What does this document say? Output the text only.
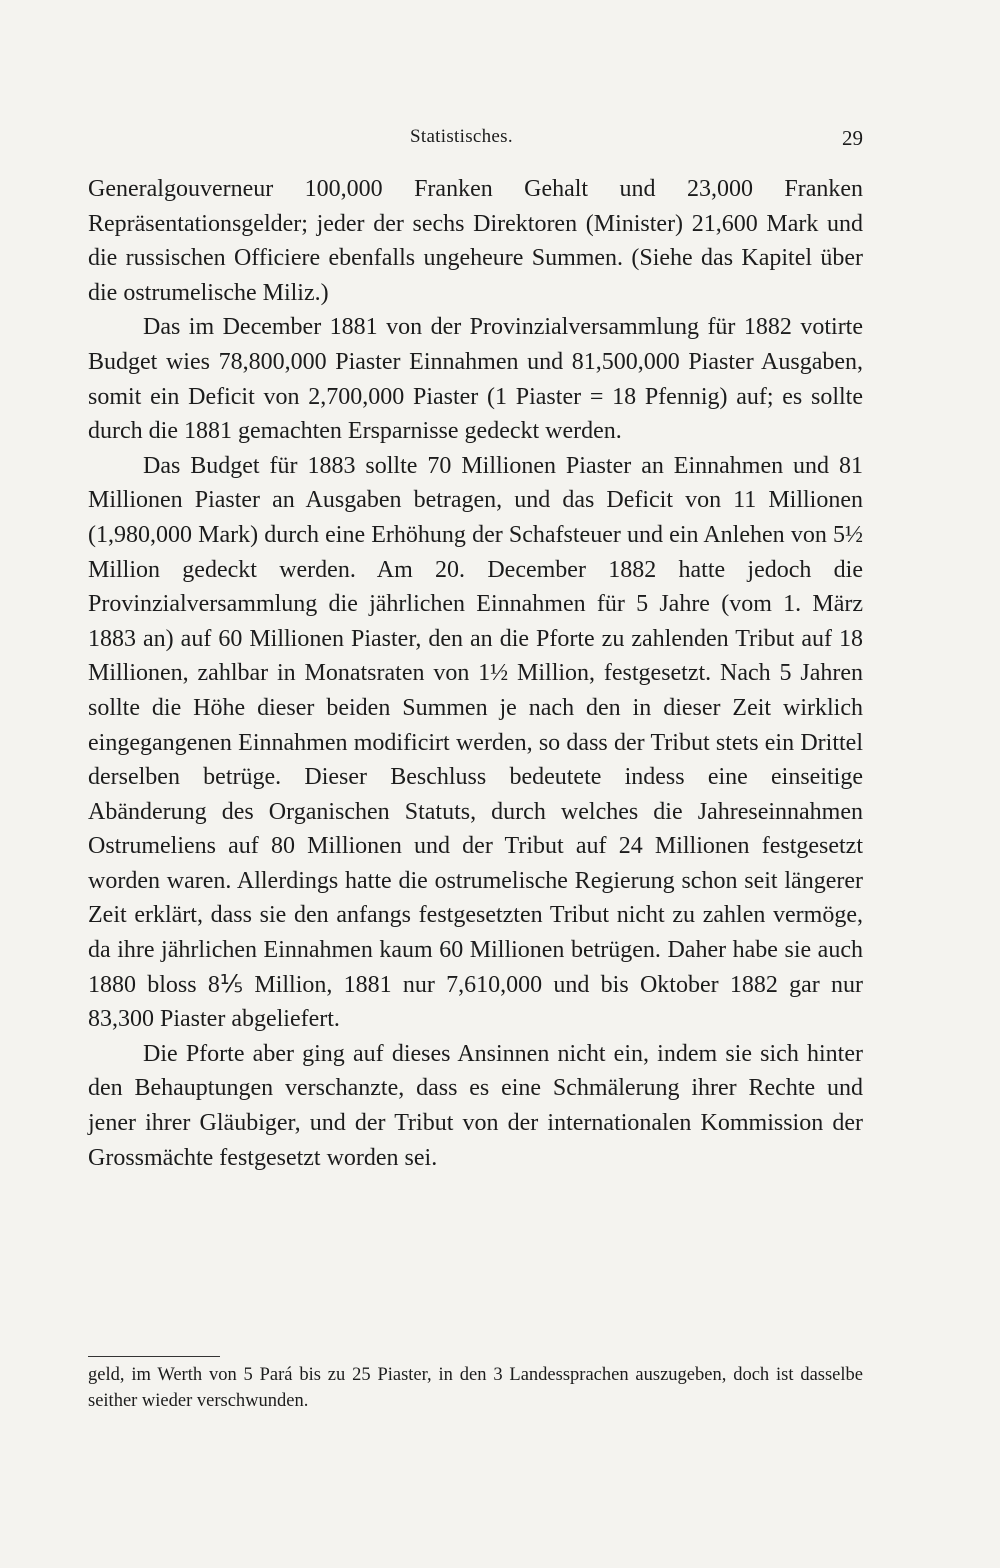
Statistisches.	29

Generalgouverneur 100,000 Franken Gehalt und 23,000 Franken Repräsentationsgelder; jeder der sechs Direktoren (Minister) 21,600 Mark und die russischen Officiere ebenfalls ungeheure Summen. (Siehe das Kapitel über die ostrumelische Miliz.)

Das im December 1881 von der Provinzialversammlung für 1882 votirte Budget wies 78,800,000 Piaster Einnahmen und 81,500,000 Piaster Ausgaben, somit ein Deficit von 2,700,000 Piaster (1 Piaster = 18 Pfennig) auf; es sollte durch die 1881 gemachten Ersparnisse gedeckt werden.

Das Budget für 1883 sollte 70 Millionen Piaster an Einnahmen und 81 Millionen Piaster an Ausgaben betragen, und das Deficit von 11 Millionen (1,980,000 Mark) durch eine Erhöhung der Schafsteuer und ein Anlehen von 5½ Million gedeckt werden. Am 20. December 1882 hatte jedoch die Provinzialversammlung die jährlichen Einnahmen für 5 Jahre (vom 1. März 1883 an) auf 60 Millionen Piaster, den an die Pforte zu zahlenden Tribut auf 18 Millionen, zahlbar in Monatsraten von 1½ Million, festgesetzt. Nach 5 Jahren sollte die Höhe dieser beiden Summen je nach den in dieser Zeit wirklich eingegangenen Einnahmen modificirt werden, so dass der Tribut stets ein Drittel derselben betrüge. Dieser Beschluss bedeutete indess eine einseitige Abänderung des Organischen Statuts, durch welches die Jahreseinnahmen Ostrumeliens auf 80 Millionen und der Tribut auf 24 Millionen festgesetzt worden waren. Allerdings hatte die ostrumelische Regierung schon seit längerer Zeit erklärt, dass sie den anfangs festgesetzten Tribut nicht zu zahlen vermöge, da ihre jährlichen Einnahmen kaum 60 Millionen betrügen. Daher habe sie auch 1880 bloss 8⅕ Million, 1881 nur 7,610,000 und bis Oktober 1882 gar nur 83,300 Piaster abgeliefert.

Die Pforte aber ging auf dieses Ansinnen nicht ein, indem sie sich hinter den Behauptungen verschanzte, dass es eine Schmälerung ihrer Rechte und jener ihrer Gläubiger, und der Tribut von der internationalen Kommission der Grossmächte festgesetzt worden sei.

geld, im Werth von 5 Pará bis zu 25 Piaster, in den 3 Landessprachen auszugeben, doch ist dasselbe seither wieder verschwunden.
